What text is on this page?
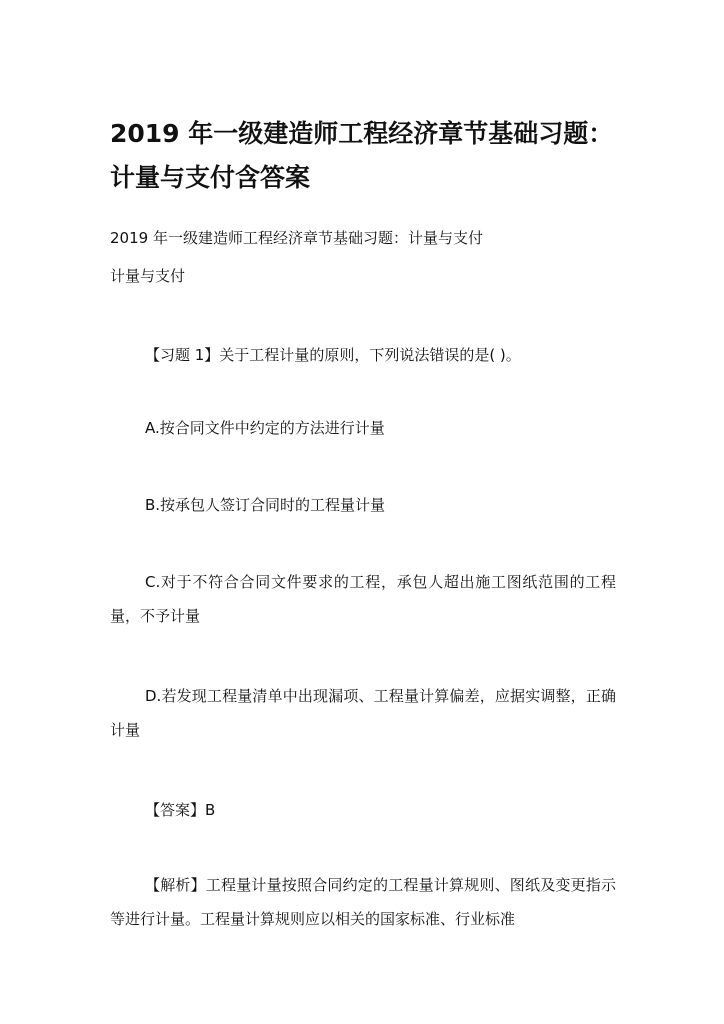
2019 年一级建造师工程经济章节基础习题：计量与支付含答案

2019 年一级建造师工程经济章节基础习题：计量与支付

计量与支付

【习题 1】关于工程计量的原则，下列说法错误的是( )。

A.按合同文件中约定的方法进行计量

B.按承包人签订合同时的工程量计量

C.对于不符合合同文件要求的工程，承包人超出施工图纸范围的工程量，不予计量

D.若发现工程量清单中出现漏项、工程量计算偏差，应据实调整，正确计量

【答案】B

【解析】工程量计量按照合同约定的工程量计算规则、图纸及变更指示等进行计量。工程量计算规则应以相关的国家标准、行业标准
